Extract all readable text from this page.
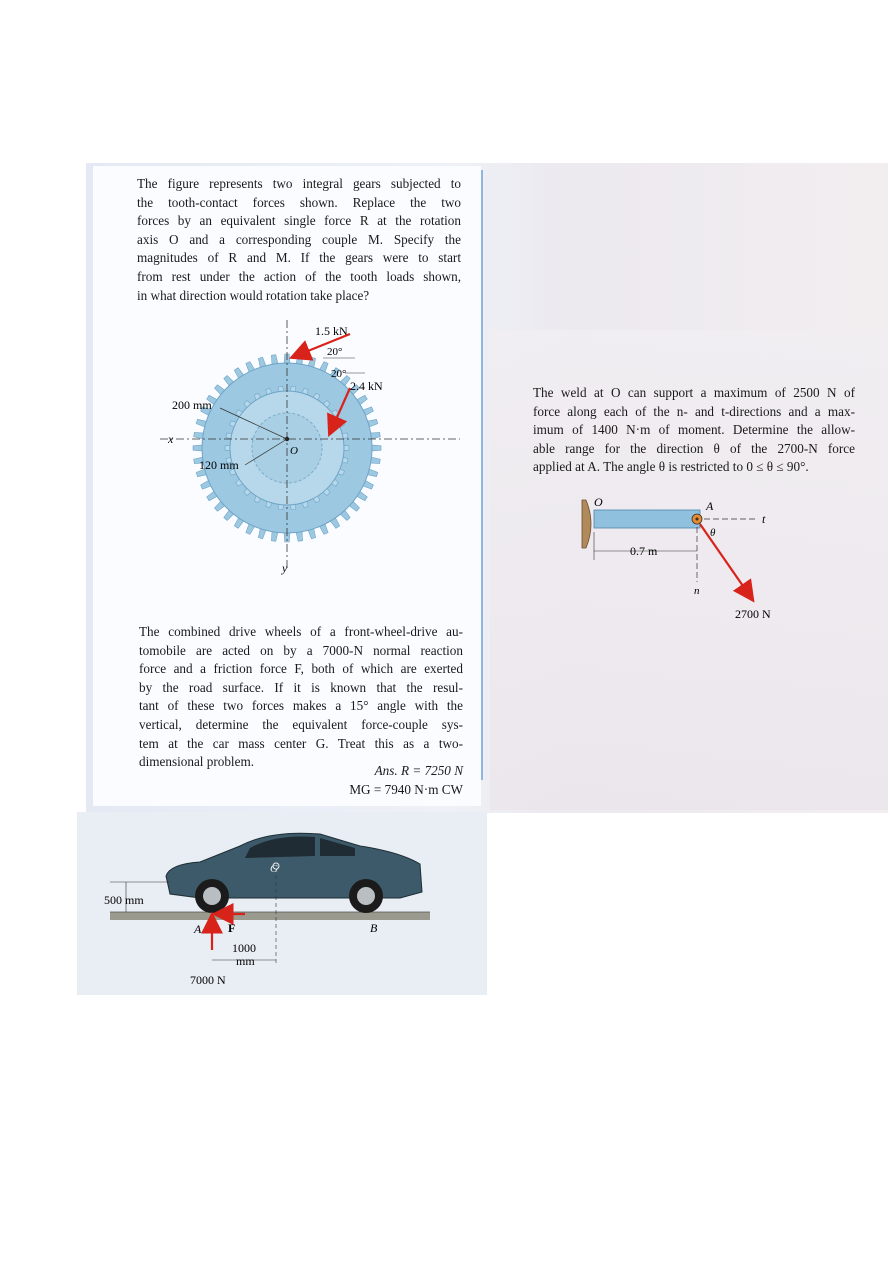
The figure represents two integral gears subjected to
the tooth-contact forces shown. Replace the two
forces by an equivalent single force R at the rotation
axis O and a corresponding couple M. Specify the
magnitudes of R and M. If the gears were to start
from rest under the action of the tooth loads shown,
in what direction would rotation take place?

1.5 kN
20°
20°
2.4 kN
200 mm
120 mm
x
y
O

The weld at O can support a maximum of 2500 N of
force along each of the n- and t-directions and a max-
imum of 1400 N·m of moment. Determine the allow-
able range for the direction θ of the 2700-N force
applied at A. The angle θ is restricted to 0 ≤ θ ≤ 90°.

O	A
θ
t
n
0.7 m
2700 N

The combined drive wheels of a front-wheel-drive au-
tomobile are acted on by a 7000-N normal reaction
force and a friction force F, both of which are exerted
by the road surface. If it is known that the resul-
tant of these two forces makes a 15° angle with the
vertical, determine the equivalent force-couple sys-
tem at the car mass center G. Treat this as a two-
dimensional problem.

Ans. R = 7250 N
MG = 7940 N·m CW
500 mm
A F	B
G
1000
mm
7000 N
